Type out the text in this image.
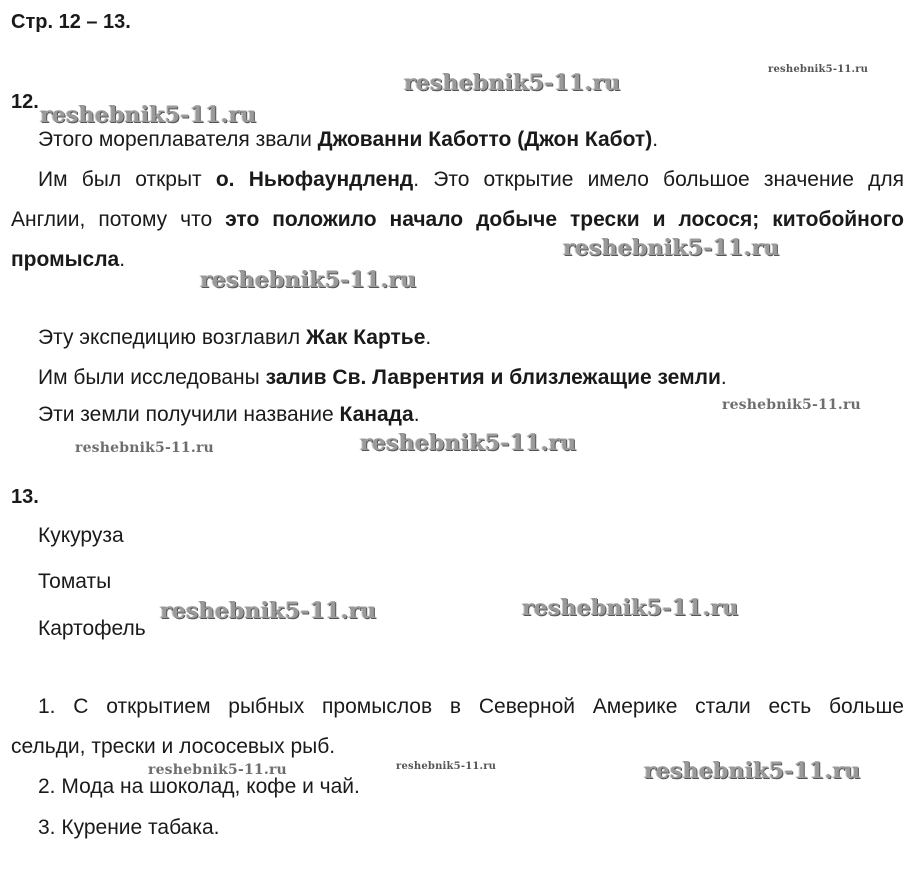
Стр. 12 – 13.
12.
Этого мореплавателя звали Джованни Каботто (Джон Кабот).
Им был открыт о. Ньюфаундленд. Это открытие имело большое значение для
Англии, потому что это положило начало добыче трески и лосося; китобойного
промысла.
Эту экспедицию возглавил Жак Картье.
Им были исследованы залив Св. Лаврентия и близлежащие земли.
Эти земли получили название Канада.
13.
Кукуруза
Томаты
Картофель
1. С открытием рыбных промыслов в Северной Америке стали есть больше
сельди, трески и лососевых рыб.
2. Мода на шоколад, кофе и чай.
3. Курение табака.
reshebnik5-11.ru
reshebnik5-11.ru
reshebnik5-11.ru
reshebnik5-11.ru
reshebnik5-11.ru
reshebnik5-11.ru
reshebnik5-11.ru
reshebnik5-11.ru
reshebnik5-11.ru
reshebnik5-11.ru
reshebnik5-11.ru	reshebnik5-11.ru	reshebnik5-11.ru
